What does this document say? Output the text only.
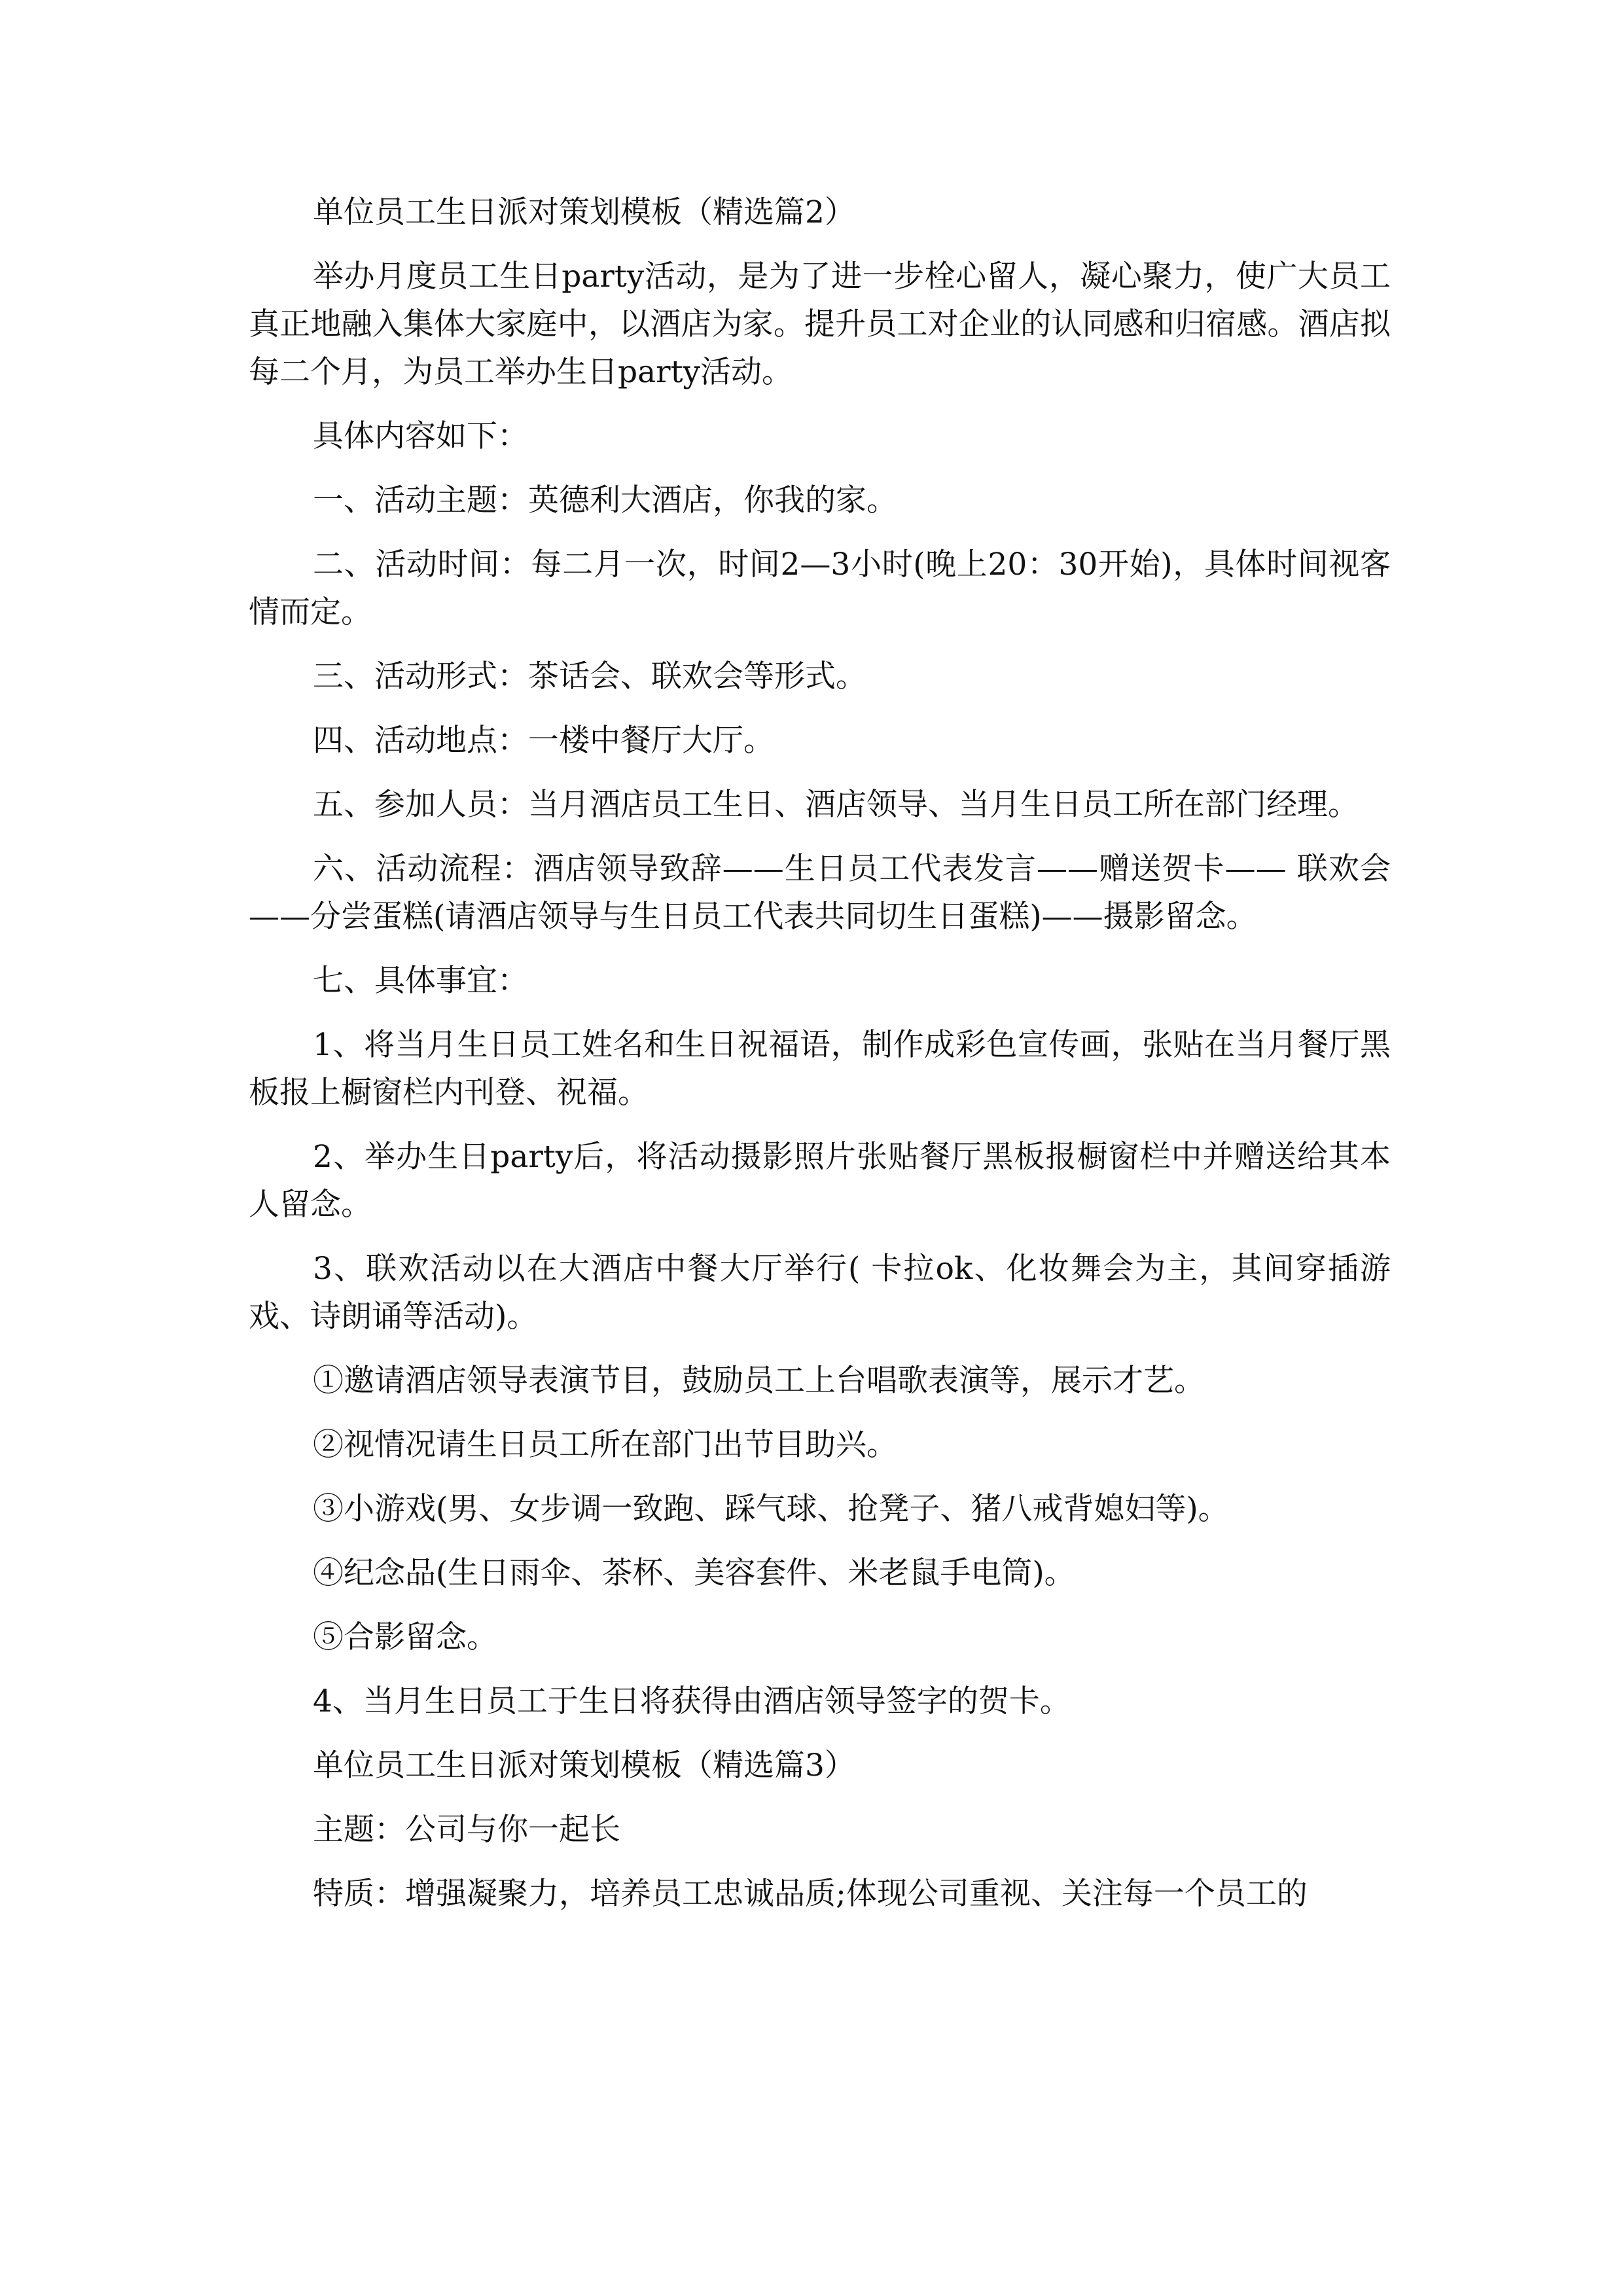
单位员工生日派对策划模板（精选篇2）

举办月度员工生日party活动，是为了进一步栓心留人，凝心聚力，使广大员工真正地融入集体大家庭中，以酒店为家。提升员工对企业的认同感和归宿感。酒店拟每二个月，为员工举办生日party活动。

具体内容如下：

一、活动主题：英德利大酒店，你我的家。

二、活动时间：每二月一次，时间2—3小时(晚上20：30开始)，具体时间视客情而定。

三、活动形式：茶话会、联欢会等形式。

四、活动地点：一楼中餐厅大厅。

五、参加人员：当月酒店员工生日、酒店领导、当月生日员工所在部门经理。

六、活动流程：酒店领导致辞——生日员工代表发言——赠送贺卡—— 联欢会 ——分尝蛋糕(请酒店领导与生日员工代表共同切生日蛋糕)——摄影留念。

七、具体事宜：

1、将当月生日员工姓名和生日祝福语，制作成彩色宣传画，张贴在当月餐厅黑板报上橱窗栏内刊登、祝福。

2、举办生日party后，将活动摄影照片张贴餐厅黑板报橱窗栏中并赠送给其本人留念。

3、联欢活动以在大酒店中餐大厅举行( 卡拉ok、化妆舞会为主，其间穿插游戏、诗朗诵等活动)。

①邀请酒店领导表演节目，鼓励员工上台唱歌表演等，展示才艺。

②视情况请生日员工所在部门出节目助兴。

③小游戏(男、女步调一致跑、踩气球、抢凳子、猪八戒背媳妇等)。

④纪念品(生日雨伞、茶杯、美容套件、米老鼠手电筒)。

⑤合影留念。

4、当月生日员工于生日将获得由酒店领导签字的贺卡。

单位员工生日派对策划模板（精选篇3）

主题：公司与你一起长

特质：增强凝聚力，培养员工忠诚品质;体现公司重视、关注每一个员工的
